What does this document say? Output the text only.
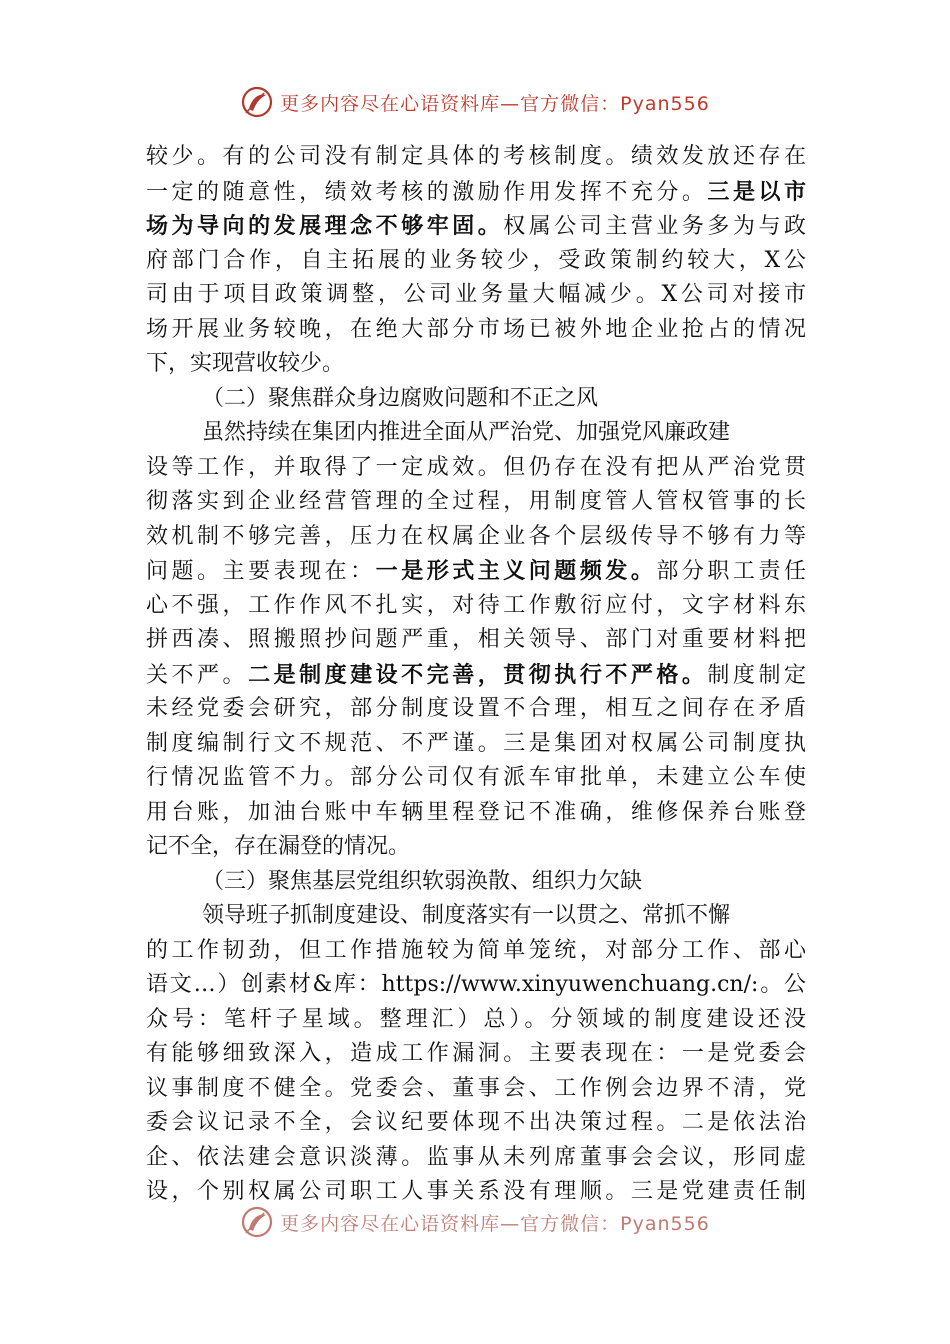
更多内容尽在心语资料库—官方微信：Pyan556
较少。有的公司没有制定具体的考核制度。绩效发放还存在
一定的随意性，绩效考核的激励作用发挥不充分。三是以市
场为导向的发展理念不够牢固。权属公司主营业务多为与政
府部门合作，自主拓展的业务较少，受政策制约较大，X公
司由于项目政策调整，公司业务量大幅减少。X公司对接市
场开展业务较晚，在绝大部分市场已被外地企业抢占的情况
下，实现营收较少。
（二）聚焦群众身边腐败问题和不正之风
虽然持续在集团内推进全面从严治党、加强党风廉政建
设等工作，并取得了一定成效。但仍存在没有把从严治党贯
彻落实到企业经营管理的全过程，用制度管人管权管事的长
效机制不够完善，压力在权属企业各个层级传导不够有力等
问题。主要表现在：一是形式主义问题频发。部分职工责任
心不强，工作作风不扎实，对待工作敷衍应付，文字材料东
拼西凑、照搬照抄问题严重，相关领导、部门对重要材料把
关不严。二是制度建设不完善，贯彻执行不严格。制度制定
未经党委会研究，部分制度设置不合理，相互之间存在矛盾
制度编制行文不规范、不严谨。三是集团对权属公司制度执
行情况监管不力。部分公司仅有派车审批单，未建立公车使
用台账，加油台账中车辆里程登记不准确，维修保养台账登
记不全，存在漏登的情况。
（三）聚焦基层党组织软弱涣散、组织力欠缺
领导班子抓制度建设、制度落实有一以贯之、常抓不懈
的工作韧劲，但工作措施较为简单笼统，对部分工作、部心
语文…）创素材&库：https://www.xinyuwenchuang.cn/:。公
众号：笔杆子星域。整理汇）总）。分领域的制度建设还没
有能够细致深入，造成工作漏洞。主要表现在：一是党委会
议事制度不健全。党委会、董事会、工作例会边界不清，党
委会议记录不全，会议纪要体现不出决策过程。二是依法治
企、依法建会意识淡薄。监事从未列席董事会会议，形同虚
设，个别权属公司职工人事关系没有理顺。三是党建责任制
更多内容尽在心语资料库—官方微信：Pyan556
